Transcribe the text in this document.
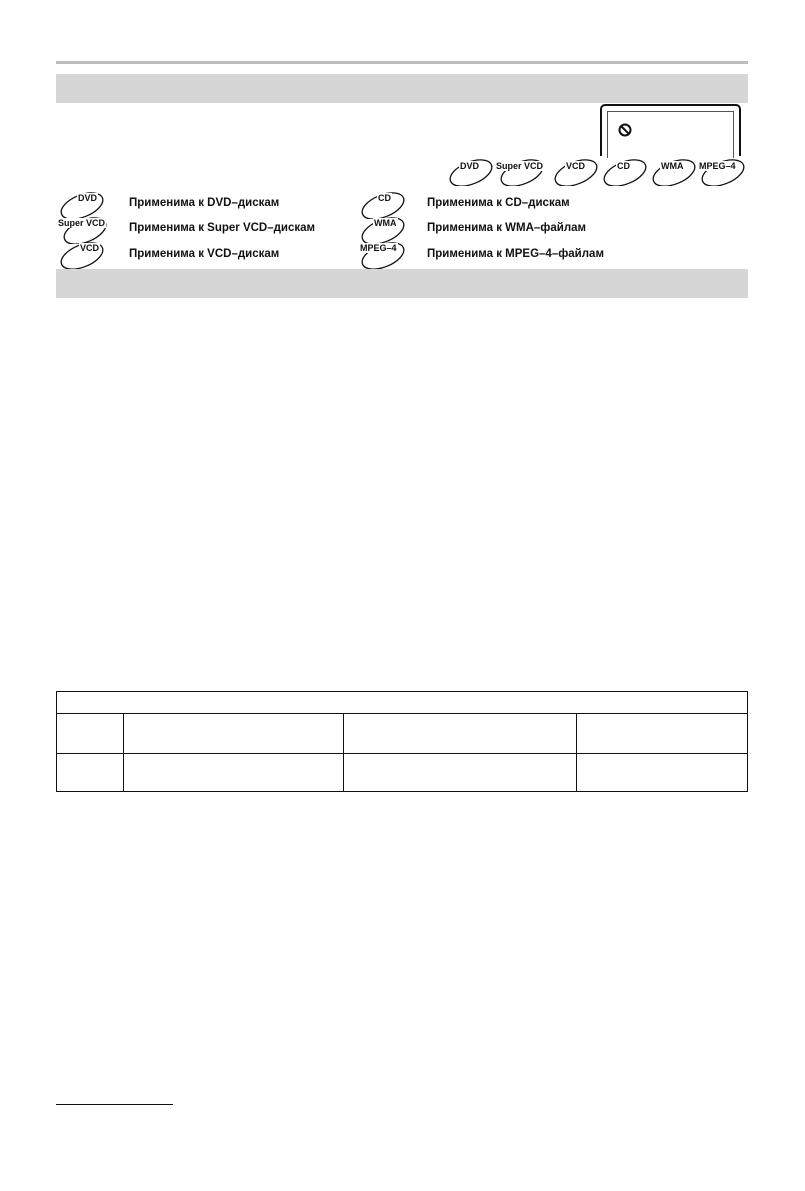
DVD Super VCD	VCD	CD	WMA MPEG–4
DVD	Применима к DVD–дискам
Super VCD Применима к Super VCD–дискам
VCD	Применима к VCD–дискам
CD	Применима к CD–дискам
WMA	Применима к WMA–файлам
MPEG–4	Применима к MPEG–4–файлам
